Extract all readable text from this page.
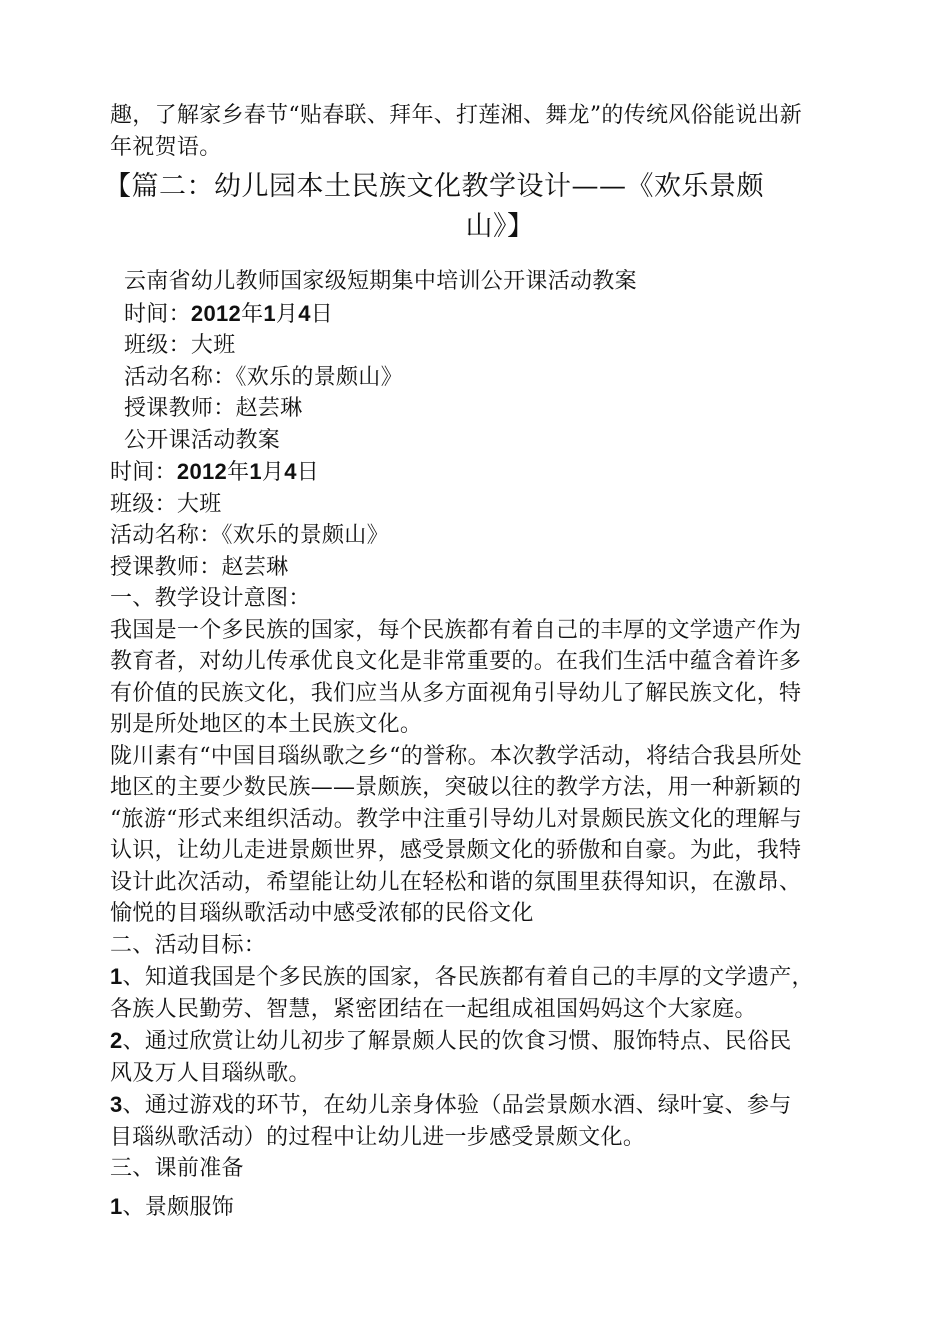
趣，了解家乡春节“贴春联、拜年、打莲湘、舞龙”的传统风俗能说出新
年祝贺语。
【篇二：幼儿园本土民族文化教学设计——《欢乐景颇
山》】
云南省幼儿教师国家级短期集中培训公开课活动教案
时间：2012年1月4日
班级：大班
活动名称：《欢乐的景颇山》
授课教师：赵芸琳
公开课活动教案
时间：2012年1月4日
班级：大班
活动名称：《欢乐的景颇山》
授课教师：赵芸琳
一、教学设计意图：
我国是一个多民族的国家，每个民族都有着自己的丰厚的文学遗产作为
教育者，对幼儿传承优良文化是非常重要的。在我们生活中蕴含着许多
有价值的民族文化，我们应当从多方面视角引导幼儿了解民族文化，特
别是所处地区的本土民族文化。
陇川素有“中国目瑙纵歌之乡“的誉称。本次教学活动，将结合我县所处
地区的主要少数民族——景颇族，突破以往的教学方法，用一种新颖的
“旅游“形式来组织活动。教学中注重引导幼儿对景颇民族文化的理解与
认识，让幼儿走进景颇世界，感受景颇文化的骄傲和自豪。为此，我特
设计此次活动，希望能让幼儿在轻松和谐的氛围里获得知识，在激昂、
愉悦的目瑙纵歌活动中感受浓郁的民俗文化
二、活动目标：
1、知道我国是个多民族的国家，各民族都有着自己的丰厚的文学遗产，
各族人民勤劳、智慧，紧密团结在一起组成祖国妈妈这个大家庭。
2、通过欣赏让幼儿初步了解景颇人民的饮食习惯、服饰特点、民俗民
风及万人目瑙纵歌。
3、通过游戏的环节，在幼儿亲身体验（品尝景颇水酒、绿叶宴、参与
目瑙纵歌活动）的过程中让幼儿进一步感受景颇文化。
三、课前准备
1、景颇服饰
